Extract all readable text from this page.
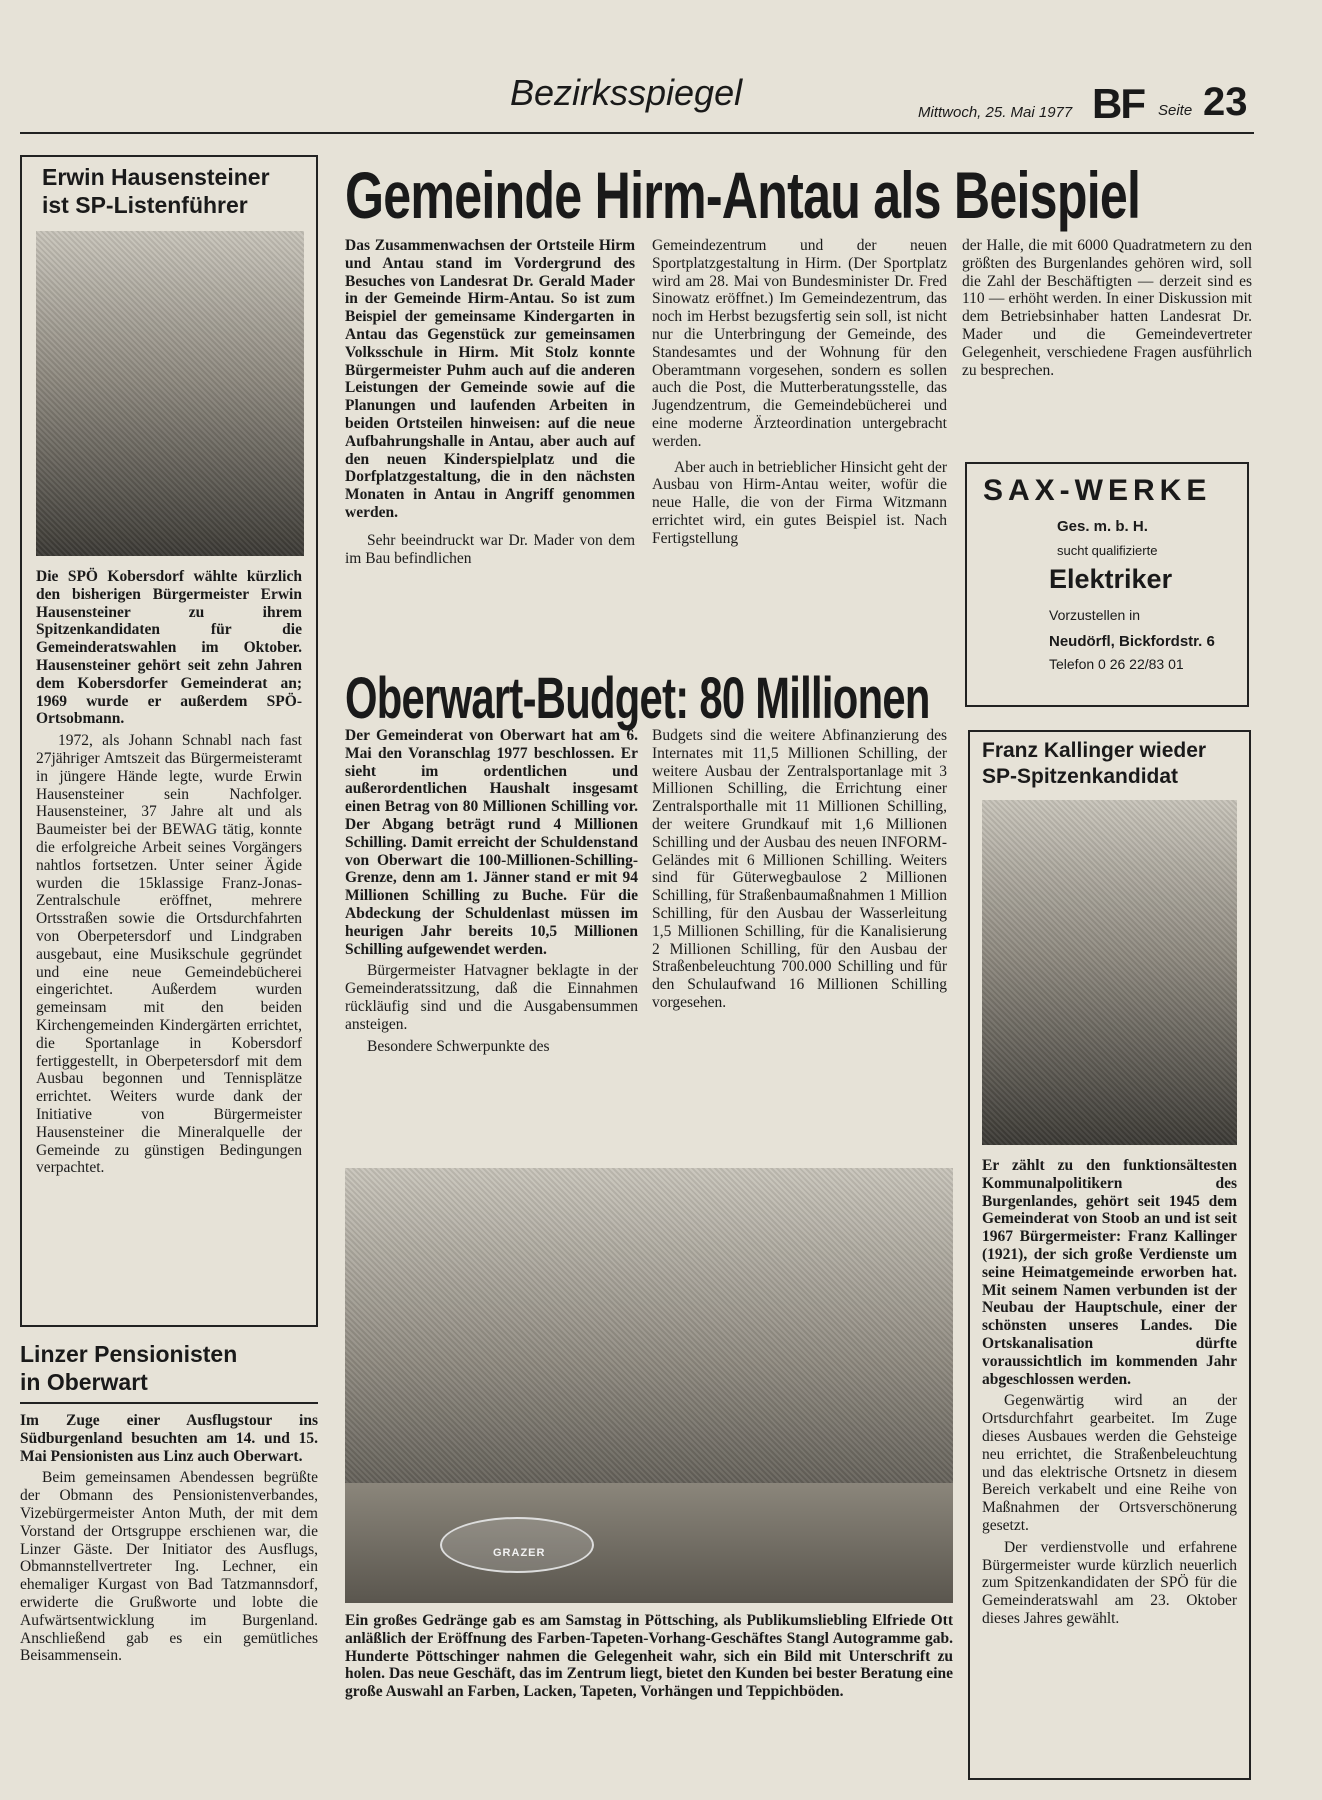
Bezirksspiegel	Mittwoch, 25. Mai 1977 BF Seite 23
Erwin Hausensteiner
ist SP-Listenführer

Die SPÖ Kobersdorf wählte kürzlich den bisherigen Bürgermeister Erwin Hausensteiner zu ihrem Spitzenkandidaten für die Gemeinderatswahlen im Oktober. Hausensteiner gehört seit zehn Jahren dem Kobersdorfer Gemeinderat an; 1969 wurde er außerdem SPÖ-Ortsobmann.

1972, als Johann Schnabl nach fast 27jähriger Amtszeit das Bürgermeisteramt in jüngere Hände legte, wurde Erwin Hausensteiner sein Nachfolger. Hausensteiner, 37 Jahre alt und als Baumeister bei der BEWAG tätig, konnte die erfolgreiche Arbeit seines Vorgängers nahtlos fortsetzen. Unter seiner Ägide wurden die 15klassige Franz-Jonas-Zentralschule eröffnet, mehrere Ortsstraßen sowie die Ortsdurchfahrten von Oberpetersdorf und Lindgraben ausgebaut, eine Musikschule gegründet und eine neue Gemeindebücherei eingerichtet. Außerdem wurden gemeinsam mit den beiden Kirchengemeinden Kindergärten errichtet, die Sportanlage in Kobersdorf fertiggestellt, in Oberpetersdorf mit dem Ausbau begonnen und Tennisplätze errichtet. Weiters wurde dank der Initiative von Bürgermeister Hausensteiner die Mineralquelle der Gemeinde zu günstigen Bedingungen verpachtet.

Linzer Pensionisten
in Oberwart

Im Zuge einer Ausflugstour ins Südburgenland besuchten am 14. und 15. Mai Pensionisten aus Linz auch Oberwart.

Beim gemeinsamen Abendessen begrüßte der Obmann des Pensionistenverbandes, Vizebürgermeister Anton Muth, der mit dem Vorstand der Ortsgruppe erschienen war, die Linzer Gäste. Der Initiator des Ausflugs, Obmannstellvertreter Ing. Lechner, ein ehemaliger Kurgast von Bad Tatzmannsdorf, erwiderte die Grußworte und lobte die Aufwärtsentwicklung im Burgenland. Anschließend gab es ein gemütliches Beisammensein.

Gemeinde Hirm-Antau als Beispiel

Das Zusammenwachsen der Ortsteile Hirm und Antau stand im Vordergrund des Besuches von Landesrat Dr. Gerald Mader in der Gemeinde Hirm-Antau. So ist zum Beispiel der gemeinsame Kindergarten in Antau das Gegenstück zur gemeinsamen Volksschule in Hirm. Mit Stolz konnte Bürgermeister Puhm auch auf die anderen Leistungen der Gemeinde sowie auf die Planungen und laufenden Arbeiten in beiden Ortsteilen hinweisen: auf die neue Aufbahrungshalle in Antau, aber auch auf den neuen Kinderspielplatz und die Dorfplatzgestaltung, die in den nächsten Monaten in Antau in Angriff genommen werden.

Sehr beeindruckt war Dr. Mader von dem im Bau befindlichen

Gemeindezentrum und der neuen Sportplatzgestaltung in Hirm. (Der Sportplatz wird am 28. Mai von Bundesminister Dr. Fred Sinowatz eröffnet.) Im Gemeindezentrum, das noch im Herbst bezugsfertig sein soll, ist nicht nur die Unterbringung der Gemeinde, des Standesamtes und der Wohnung für den Oberamtmann vorgesehen, sondern es sollen auch die Post, die Mutterberatungsstelle, das Jugendzentrum, die Gemeindebücherei und eine moderne Ärzteordination untergebracht werden.

Aber auch in betrieblicher Hinsicht geht der Ausbau von Hirm-Antau weiter, wofür die neue Halle, die von der Firma Witzmann errichtet wird, ein gutes Beispiel ist. Nach Fertigstellung

der Halle, die mit 6000 Quadratmetern zu den größten des Burgenlandes gehören wird, soll die Zahl der Beschäftigten — derzeit sind es 110 — erhöht werden. In einer Diskussion mit dem Betriebsinhaber hatten Landesrat Dr. Mader und die Gemeindevertreter Gelegenheit, verschiedene Fragen ausführlich zu besprechen.

SAX-WERKE
Ges. m. b. H.
sucht qualifizierte
Elektriker
Vorzustellen in
Neudörfl, Bickfordstr. 6
Telefon 0 26 22/83 01
Oberwart-Budget: 80 Millionen

Der Gemeinderat von Oberwart hat am 6. Mai den Voranschlag 1977 beschlossen. Er sieht im ordentlichen und außerordentlichen Haushalt insgesamt einen Betrag von 80 Millionen Schilling vor. Der Abgang beträgt rund 4 Millionen Schilling. Damit erreicht der Schuldenstand von Oberwart die 100-Millionen-Schilling-Grenze, denn am 1. Jänner stand er mit 94 Millionen Schilling zu Buche. Für die Abdeckung der Schuldenlast müssen im heurigen Jahr bereits 10,5 Millionen Schilling aufgewendet werden.

Bürgermeister Hatvagner beklagte in der Gemeinderatssitzung, daß die Einnahmen rückläufig sind und die Ausgabensummen ansteigen.

Besondere Schwerpunkte des

Budgets sind die weitere Abfinanzierung des Internates mit 11,5 Millionen Schilling, der weitere Ausbau der Zentralsportanlage mit 3 Millionen Schilling, die Errichtung einer Zentralsporthalle mit 11 Millionen Schilling, der weitere Grundkauf mit 1,6 Millionen Schilling und der Ausbau des neuen INFORM-Geländes mit 6 Millionen Schilling. Weiters sind für Güterwegbaulose 2 Millionen Schilling, für Straßenbaumaßnahmen 1 Million Schilling, für den Ausbau der Wasserleitung 1,5 Millionen Schilling, für die Kanalisierung 2 Millionen Schilling, für den Ausbau der Straßenbeleuchtung 700.000 Schilling und für den Schulaufwand 16 Millionen Schilling vorgesehen.

GRAZER

Ein großes Gedränge gab es am Samstag in Pöttsching, als Publikumsliebling Elfriede Ott anläßlich der Eröffnung des Farben-Tapeten-Vorhang-Geschäftes Stangl Autogramme gab. Hunderte Pöttschinger nahmen die Gelegenheit wahr, sich ein Bild mit Unterschrift zu holen. Das neue Geschäft, das im Zentrum liegt, bietet den Kunden bei bester Beratung eine große Auswahl an Farben, Lacken, Tapeten, Vorhängen und Teppichböden.

Franz Kallinger wieder
SP-Spitzenkandidat

Er zählt zu den funktionsältesten Kommunalpolitikern des Burgenlandes, gehört seit 1945 dem Gemeinderat von Stoob an und ist seit 1967 Bürgermeister: Franz Kallinger (1921), der sich große Verdienste um seine Heimatgemeinde erworben hat. Mit seinem Namen verbunden ist der Neubau der Hauptschule, einer der schönsten unseres Landes. Die Ortskanalisation dürfte voraussichtlich im kommenden Jahr abgeschlossen werden.

Gegenwärtig wird an der Ortsdurchfahrt gearbeitet. Im Zuge dieses Ausbaues werden die Gehsteige neu errichtet, die Straßenbeleuchtung und das elektrische Ortsnetz in diesem Bereich verkabelt und eine Reihe von Maßnahmen der Ortsverschönerung gesetzt.

Der verdienstvolle und erfahrene Bürgermeister wurde kürzlich neuerlich zum Spitzenkandidaten der SPÖ für die Gemeinderatswahl am 23. Oktober dieses Jahres gewählt.
